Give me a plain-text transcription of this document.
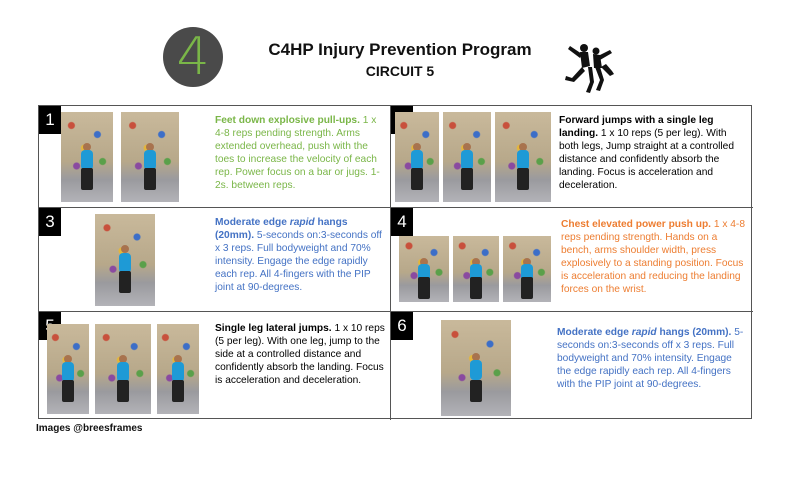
4	C4HP Injury Prevention Program
CIRCUIT 5
1	Feet down explosive pull-ups. 1 x 4-8 reps pending strength. Arms extended overhead, push with the toes to increase the velocity of each rep. Power focus on a bar or jugs. 1-2s. between reps.
Forward jumps with a single leg landing. 1 x 10 reps (5 per leg). With both legs, Jump straight at a controlled distance and confidently absorb the landing. Focus is acceleration and deceleration.
3	Moderate edge rapid hangs (20mm). 5-seconds on:3-seconds off x 3 reps. Full bodyweight and 70% intensity. Engage the edge rapidly each rep. All 4-fingers with the PIP joint at 90-degrees.
4	Chest elevated power push up. 1 x 4-8 reps pending strength. Hands on a bench, arms shoulder width, press explosively to a standing position. Focus is acceleration and reducing the landing forces on the wrist.
Single leg lateral jumps. 1 x 10 reps (5 per leg). With one leg, jump to the side at a controlled distance and confidently absorb the landing. Focus is acceleration and deceleration.
6	Moderate edge rapid hangs (20mm). 5-seconds on:3-seconds off x 3 reps. Full bodyweight and 70% intensity. Engage the edge rapidly each rep. All 4-fingers with the PIP joint at 90-degrees.
Images @breesframes
